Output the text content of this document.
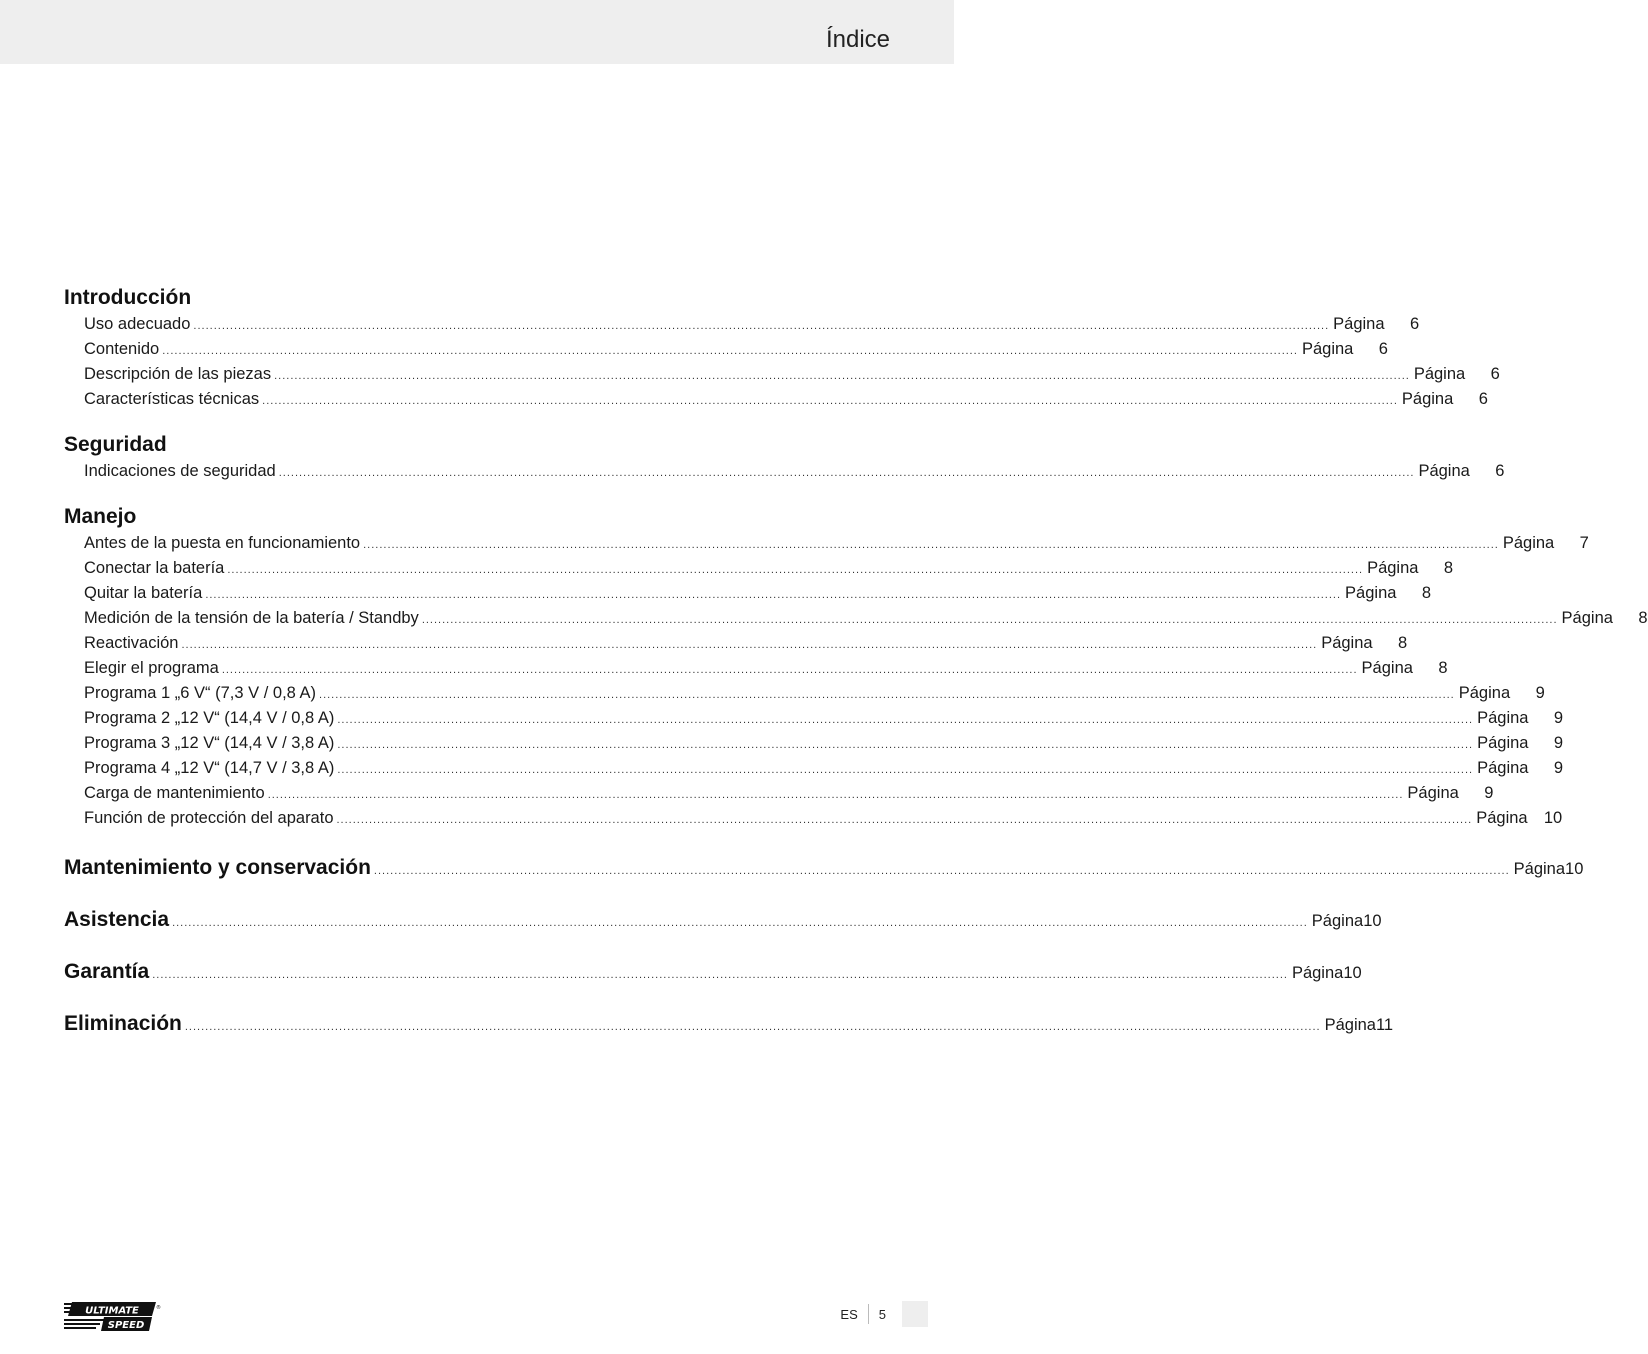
Índice
Introducción
Uso adecuado .....	Página	6
Contenido .....	Página	6
Descripción de las piezas .....	Página	6
Características técnicas .....	Página	6
Seguridad
Indicaciones de seguridad .....	Página	6
Manejo
Antes de la puesta en funcionamiento .....	Página	7
Conectar la batería .....	Página	8
Quitar la batería .....	Página	8
Medición de la tensión de la batería / Standby .....	Página	8
Reactivación .....	Página	8
Elegir el programa .....	Página	8
Programa 1 „6 V“ (7,3 V / 0,8 A) .....	Página	9
Programa 2 „12 V“ (14,4 V / 0,8 A) .....	Página	9
Programa 3 „12 V“ (14,4 V / 3,8 A) .....	Página	9
Programa 4 „12 V“ (14,7 V / 3,8 A) .....	Página	9
Carga de mantenimiento .....	Página	9
Función de protección del aparato .....	Página 10
Mantenimiento y conservación .....	Página 10
Asistencia .....	Página 10
Garantía .....	Página 10
Eliminación .....	Página 11
ULTIMATE
SPEED
®	ES 5
